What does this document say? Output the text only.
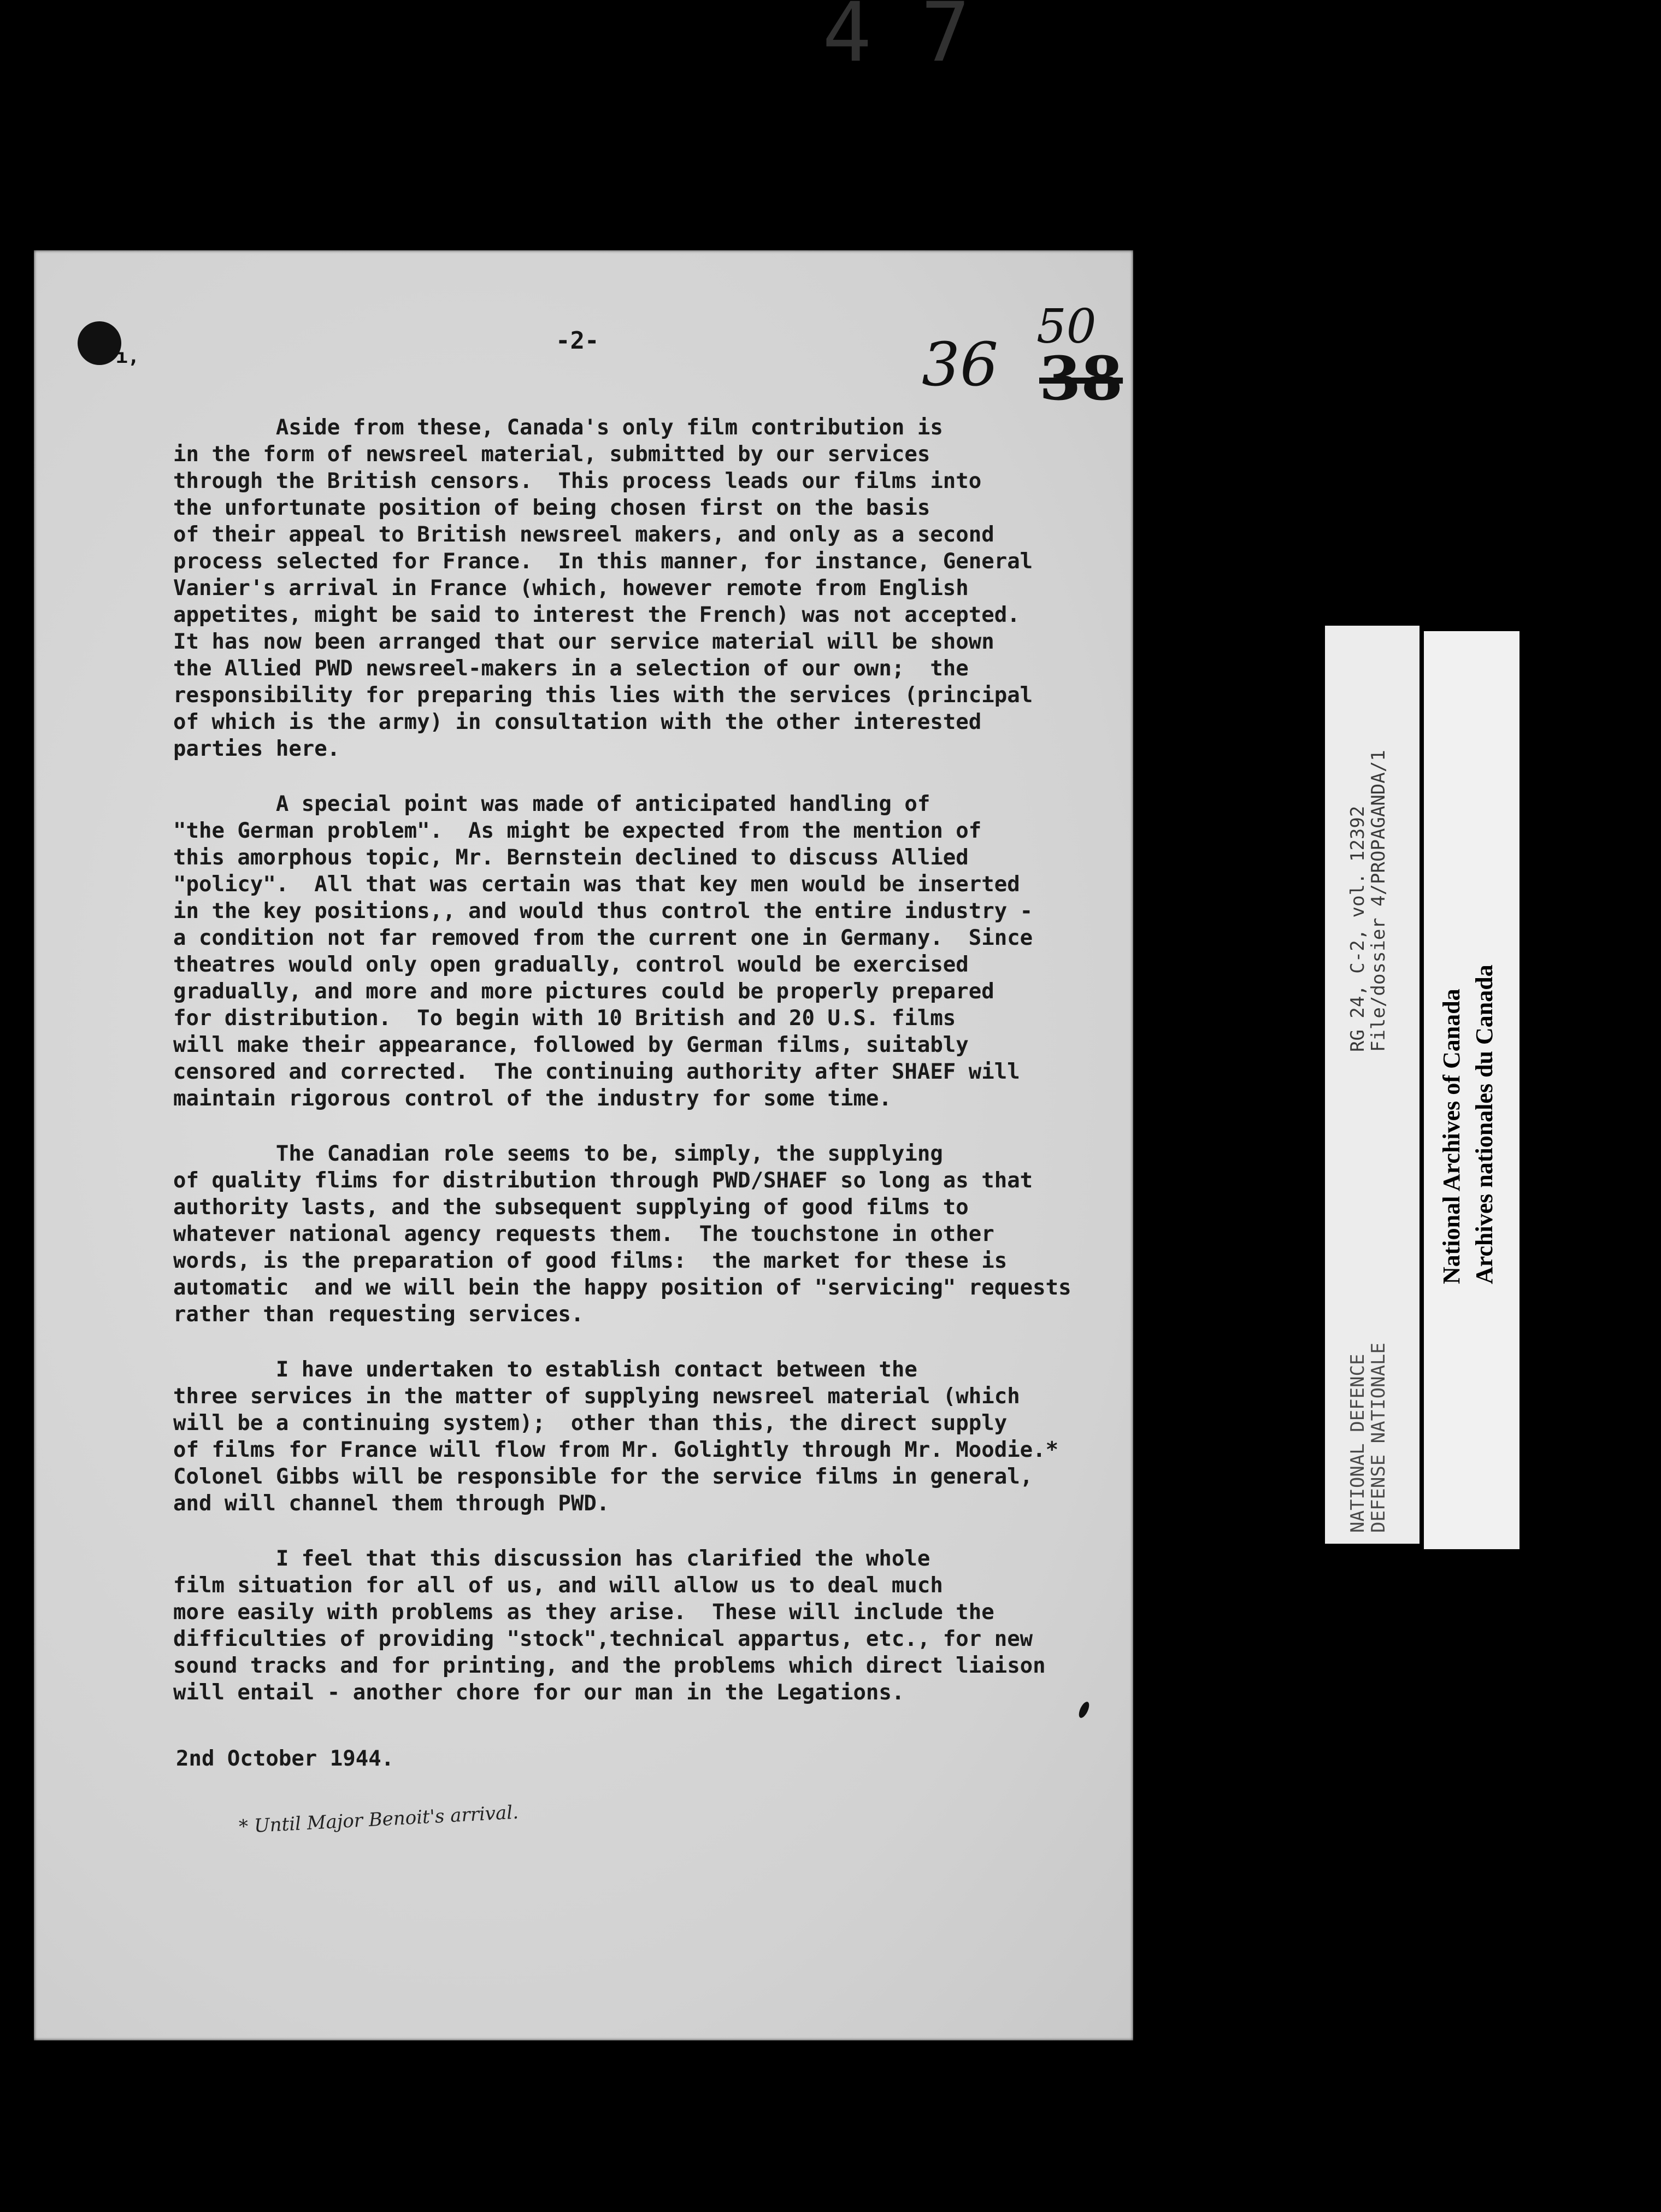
47
ı,
-2-	36
50
38

Aside from these, Canada's only film contribution is
in the form of newsreel material, submitted by our services
through the British censors.  This process leads our films into
the unfortunate position of being chosen first on the basis
of their appeal to British newsreel makers, and only as a second
process selected for France.  In this manner, for instance, General
Vanier's arrival in France (which, however remote from English
appetites, might be said to interest the French) was not accepted.
It has now been arranged that our service material will be shown
the Allied PWD newsreel-makers in a selection of our own;  the
responsibility for preparing this lies with the services (principal
of which is the army) in consultation with the other interested
parties here.

A special point was made of anticipated handling of
"the German problem".  As might be expected from the mention of
this amorphous topic, Mr. Bernstein declined to discuss Allied
"policy".  All that was certain was that key men would be inserted
in the key positions,, and would thus control the entire industry -
a condition not far removed from the current one in Germany.  Since
theatres would only open gradually, control would be exercised
gradually, and more and more pictures could be properly prepared
for distribution.  To begin with 10 British and 20 U.S. films
will make their appearance, followed by German films, suitably
censored and corrected.  The continuing authority after SHAEF will
maintain rigorous control of the industry for some time.

The Canadian role seems to be, simply, the supplying
of quality flims for distribution through PWD/SHAEF so long as that
authority lasts, and the subsequent supplying of good films to
whatever national agency requests them.  The touchstone in other
words, is the preparation of good films:  the market for these is
automatic  and we will bein the happy position of "servicing" requests
rather than requesting services.

I have undertaken to establish contact between the
three services in the matter of supplying newsreel material (which
will be a continuing system);  other than this, the direct supply
of films for France will flow from Mr. Golightly through Mr. Moodie.*
Colonel Gibbs will be responsible for the service films in general,
and will channel them through PWD.

I feel that this discussion has clarified the whole
film situation for all of us, and will allow us to deal much
more easily with problems as they arise.  These will include the
difficulties of providing "stock",technical appartus, etc., for new
sound tracks and for printing, and the problems which direct liaison
will entail - another chore for our man in the Legations.

2nd October 1944.
* Until Major Benoit's arrival.
RG 24, C-2, vol. 12392
File/dossier 4/PROPAGANDA/1
NATIONAL DEFENCE
DEFENSE NATIONALE
National Archives of Canada Archives nationales du Canada
